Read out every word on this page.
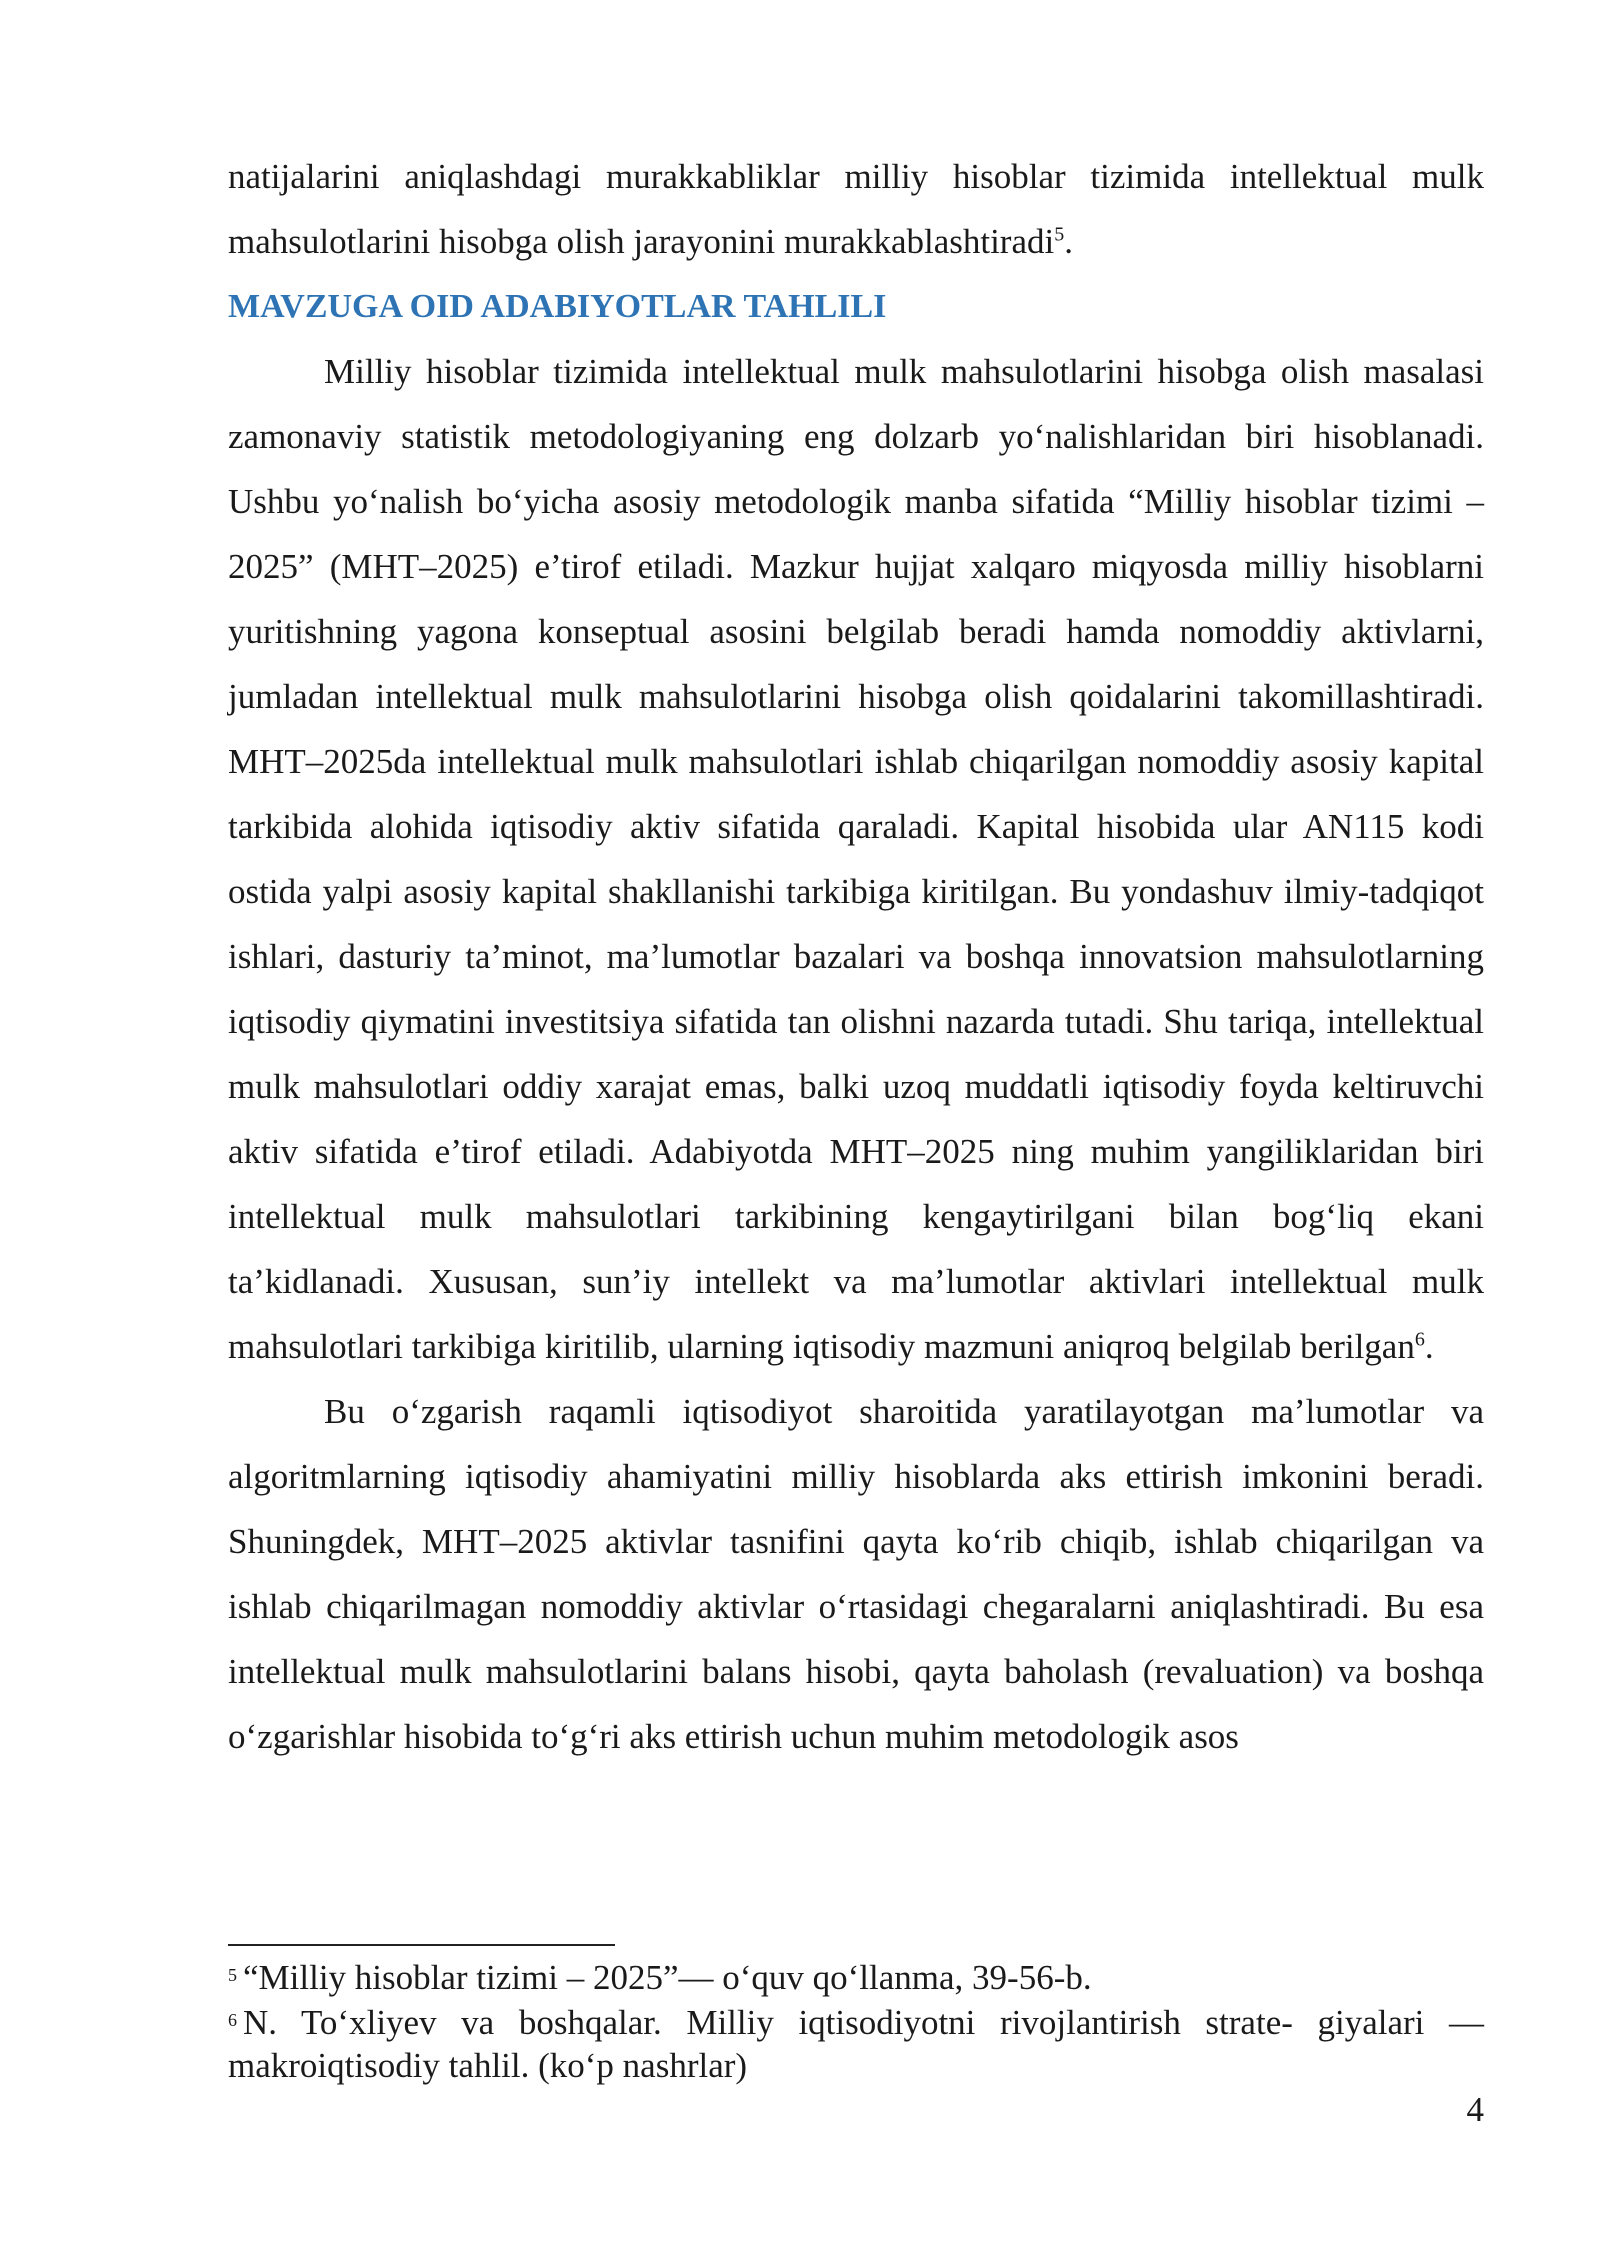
natijalarini aniqlashdagi murakkabliklar milliy hisoblar tizimida intellektual mulk mahsulotlarini hisobga olish jarayonini murakkablashtiradi$^5$.

MAVZUGA OID ADABIYOTLAR TAHLILI

Milliy hisoblar tizimida intellektual mulk mahsulotlarini hisobga olish masalasi zamonaviy statistik metodologiyaning eng dolzarb yo‘nalishlaridan biri hisoblanadi. Ushbu yo‘nalish bo‘yicha asosiy metodologik manba sifatida “Milliy hisoblar tizimi – 2025” (MHT–2025) e’tirof etiladi. Mazkur hujjat xalqaro miqyosda milliy hisoblarni yuritishning yagona konseptual asosini belgilab beradi hamda nomoddiy aktivlarni, jumladan intellektual mulk mahsulotlarini hisobga olish qoidalarini takomillashtiradi. MHT–2025da intellektual mulk mahsulotlari ishlab chiqarilgan nomoddiy asosiy kapital tarkibida alohida iqtisodiy aktiv sifatida qaraladi. Kapital hisobida ular AN115 kodi ostida yalpi asosiy kapital shakllanishi tarkibiga kiritilgan. Bu yondashuv ilmiy-tadqiqot ishlari, dasturiy ta’minot, ma’lumotlar bazalari va boshqa innovatsion mahsulotlarning iqtisodiy qiymatini investitsiya sifatida tan olishni nazarda tutadi. Shu tariqa, intellektual mulk mahsulotlari oddiy xarajat emas, balki uzoq muddatli iqtisodiy foyda keltiruvchi aktiv sifatida e’tirof etiladi. Adabiyotda MHT–2025 ning muhim yangiliklaridan biri intellektual mulk mahsulotlari tarkibining kengaytirilgani bilan bog‘liq ekani ta’kidlanadi. Xususan, sun’iy intellekt va ma’lumotlar aktivlari intellektual mulk mahsulotlari tarkibiga kiritilib, ularning iqtisodiy mazmuni aniqroq belgilab berilgan$^6$.

Bu o‘zgarish raqamli iqtisodiyot sharoitida yaratilayotgan ma’lumotlar va algoritmlarning iqtisodiy ahamiyatini milliy hisoblarda aks ettirish imkonini beradi. Shuningdek, MHT–2025 aktivlar tasnifini qayta ko‘rib chiqib, ishlab chiqarilgan va ishlab chiqarilmagan nomoddiy aktivlar o‘rtasidagi chegaralarni aniqlashtiradi. Bu esa intellektual mulk mahsulotlarini balans hisobi, qayta baholash (revaluation) va boshqa o‘zgarishlar hisobida to‘g‘ri aks ettirish uchun muhim metodologik asos

$^5$ “Milliy hisoblar tizimi – 2025”— o‘quv qo‘llanma, 39-56-b.

$^6$ N. To‘xliyev va boshqalar. Milliy iqtisodiyotni rivojlantirish strate- giyalari — makroiqtisodiy tahlil. (ko‘p nashrlar)

4
